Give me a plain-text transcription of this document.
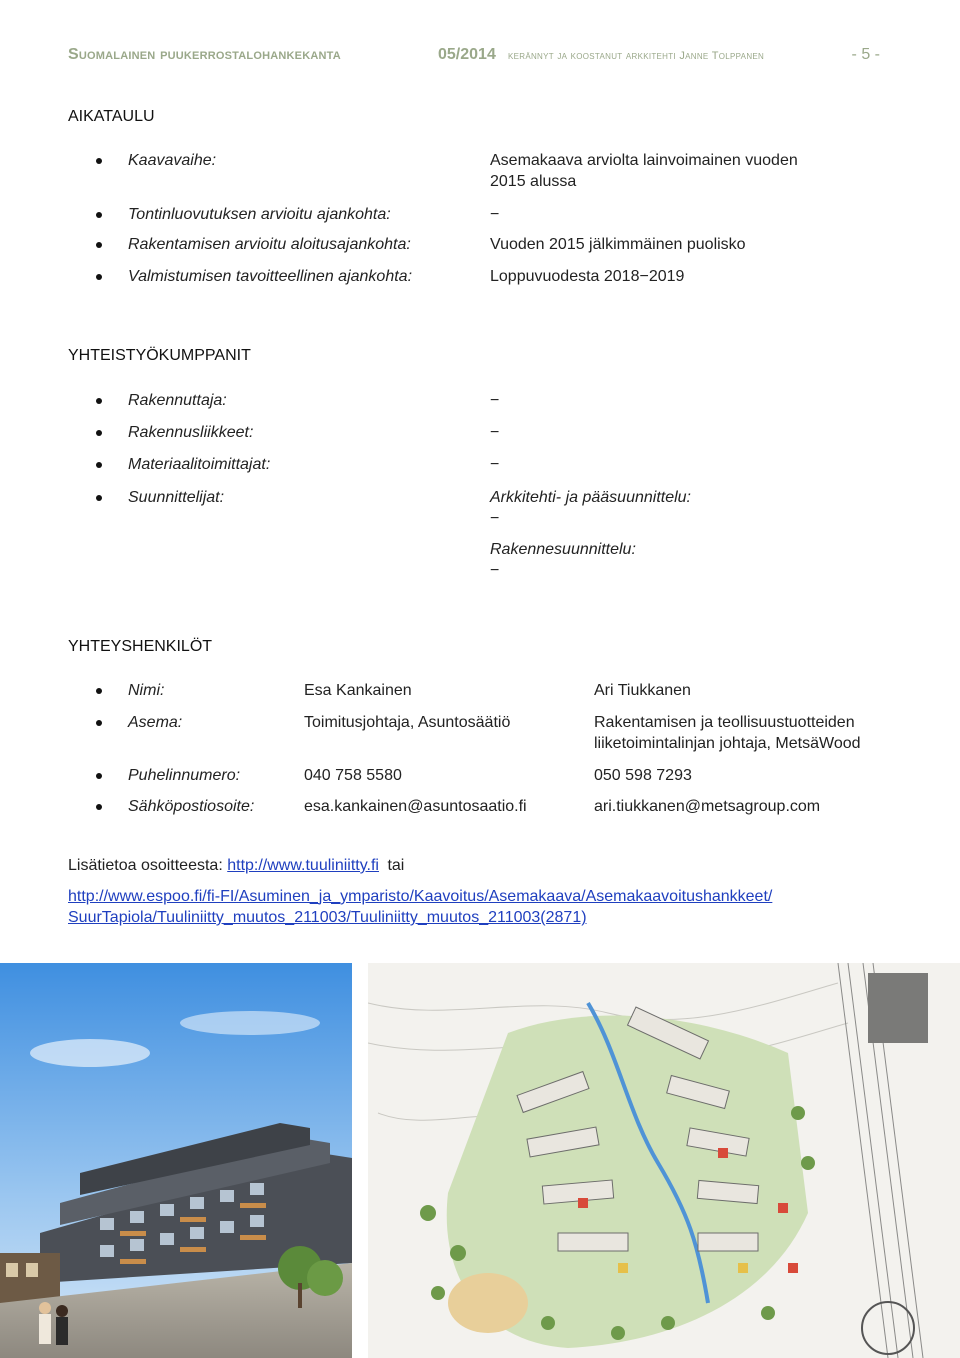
Suomalainen puukerrostalohankekanta	05/2014 kerännyt ja koostanut arkkitehti Janne Tolppanen	- 5 -
AIKATAULU
Kaavavaihe:	Asemakaava arviolta lainvoimainen vuoden 2015 alussa
Tontinluovutuksen arvioitu ajankohta:	−
Rakentamisen arvioitu aloitusajankohta:	Vuoden 2015 jälkimmäinen puolisko
Valmistumisen tavoitteellinen ajankohta:	Loppuvuodesta 2018−2019
YHTEISTYÖKUMPPANIT
Rakennuttaja:	−
Rakennusliikkeet:	−
Materiaalitoimittajat:	−
Suunnittelijat:	Arkkitehti- ja pääsuunnittelu:
−
Rakennesuunnittelu:
−
YHTEYSHENKILÖT
Nimi:	Esa Kankainen	Ari Tiukkanen
Asema:	Toimitusjohtaja, Asuntosäätiö	Rakentamisen ja teollisuustuotteiden liiketoimintalinjan johtaja, MetsäWood
Puhelinnumero:	040 758 5580	050 598 7293
Sähköpostiosoite:	esa.kankainen@asuntosaatio.fi	ari.tiukkanen@metsagroup.com
Lisätietoa osoitteesta: http://www.tuuliniitty.fi tai
http://www.espoo.fi/fi-FI/Asuminen_ja_ymparisto/Kaavoitus/Asemakaava/Asemakaavoitushankkeet/
SuurTapiola/Tuuliniitty_muutos_211003/Tuuliniitty_muutos_211003(2871)
